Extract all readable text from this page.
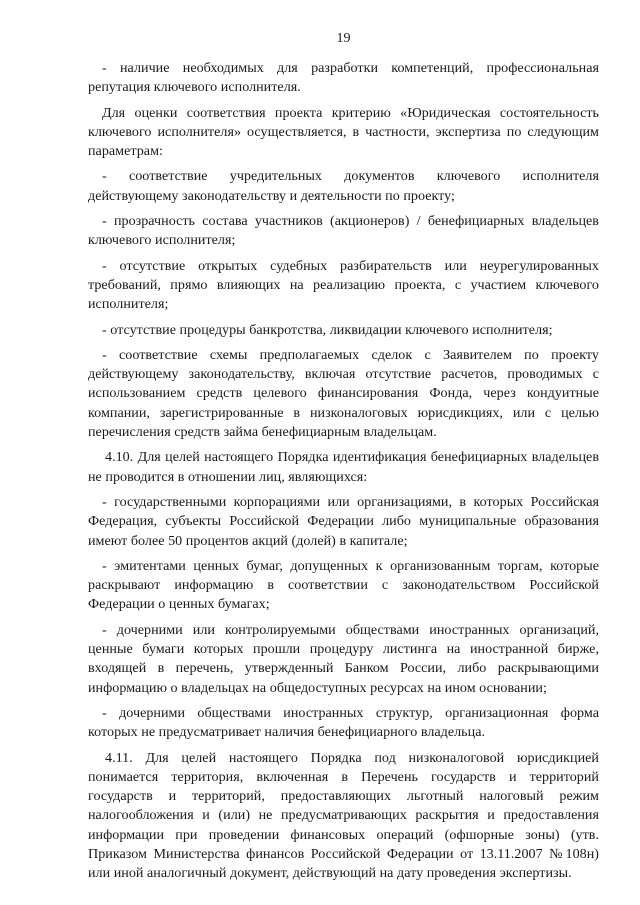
19

- наличие необходимых для разработки компетенций, профессиональная репутация ключевого исполнителя.

Для оценки соответствия проекта критерию «Юридическая состоятельность ключевого исполнителя» осуществляется, в частности, экспертиза по следующим параметрам:

- соответствие учредительных документов ключевого исполнителя действующему законодательству и деятельности по проекту;

- прозрачность состава участников (акционеров) / бенефициарных владельцев ключевого исполнителя;

- отсутствие открытых судебных разбирательств или неурегулированных требований, прямо влияющих на реализацию проекта, с участием ключевого исполнителя;

- отсутствие процедуры банкротства, ликвидации ключевого исполнителя;

- соответствие схемы предполагаемых сделок с Заявителем по проекту действующему законодательству, включая отсутствие расчетов, проводимых с использованием средств целевого финансирования Фонда, через кондуитные компании, зарегистрированные в низконалоговых юрисдикциях, или с целью перечисления средств займа бенефициарным владельцам.

4.10. Для целей настоящего Порядка идентификация бенефициарных владельцев не проводится в отношении лиц, являющихся:

- государственными корпорациями или организациями, в которых Российская Федерация, субъекты Российской Федерации либо муниципальные образования имеют более 50 процентов акций (долей) в капитале;

- эмитентами ценных бумаг, допущенных к организованным торгам, которые раскрывают информацию в соответствии с законодательством Российской Федерации о ценных бумагах;

- дочерними или контролируемыми обществами иностранных организаций, ценные бумаги которых прошли процедуру листинга на иностранной бирже, входящей в перечень, утвержденный Банком России, либо раскрывающими информацию о владельцах на общедоступных ресурсах на ином основании;

- дочерними обществами иностранных структур, организационная форма которых не предусматривает наличия бенефициарного владельца.

4.11. Для целей настоящего Порядка под низконалоговой юрисдикцией понимается территория, включенная в Перечень государств и территорий государств и территорий, предоставляющих льготный налоговый режим налогообложения и (или) не предусматривающих раскрытия и предоставления информации при проведении финансовых операций (офшорные зоны) (утв. Приказом Министерства финансов Российской Федерации от 13.11.2007 №108н) или иной аналогичный документ, действующий на дату проведения экспертизы.
